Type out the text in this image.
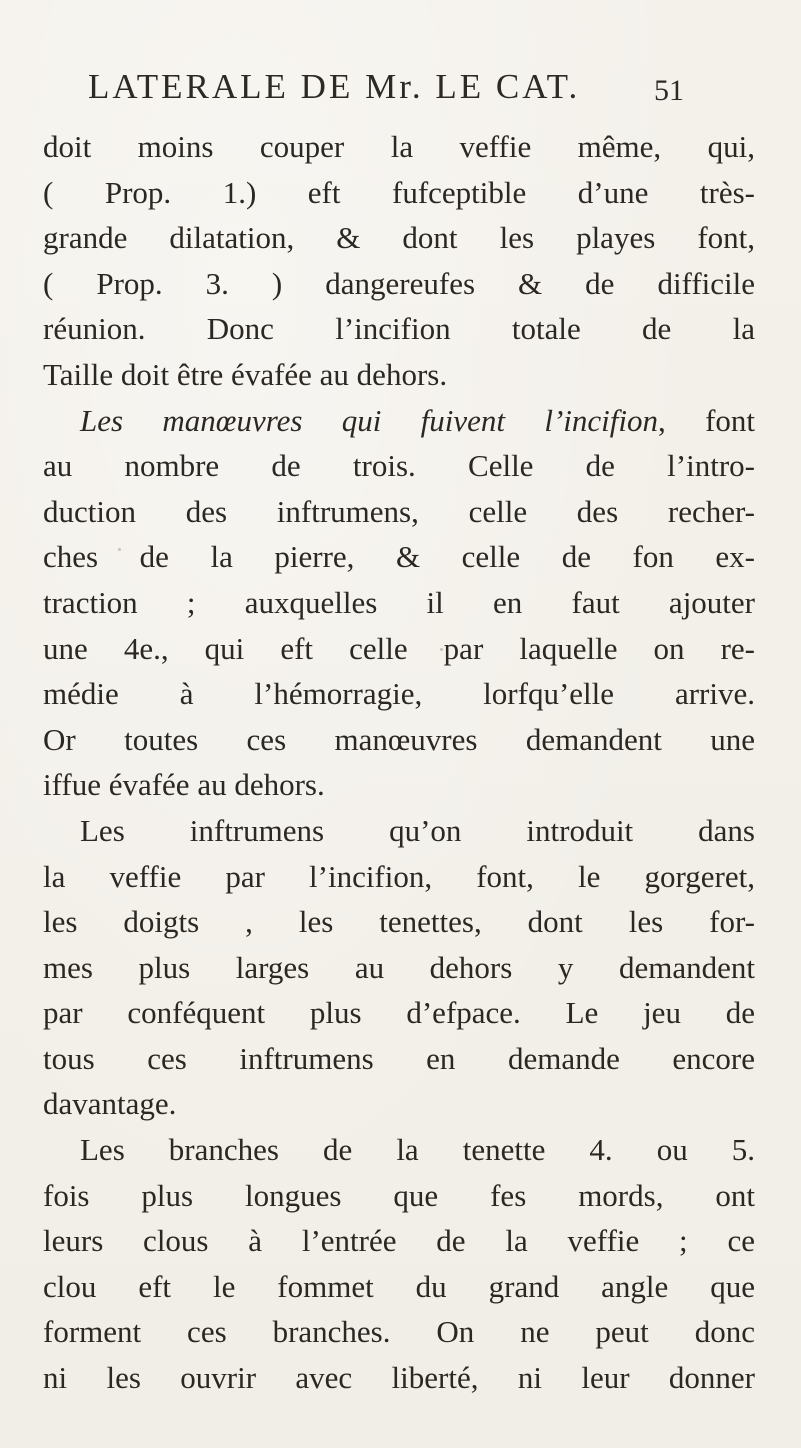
LATERALE DE Mr. LE CAT. 51
doit moins couper la veffie même, qui,
( Prop. 1.) eft fufceptible d’une très-
grande dilatation, & dont les playes font,
( Prop. 3. ) dangereufes & de difficile
réunion. Donc l’incifion totale de la
Taille doit être évafée au dehors.
Les manœuvres qui fuivent l’incifion, font
au nombre de trois. Celle de l’intro-
duction des inftrumens, celle des recher-
ches de la pierre, & celle de fon ex-
traction ; auxquelles il en faut ajouter
une 4e., qui eft celle par laquelle on re-
médie à l’hémorragie, lorfqu’elle arrive.
Or toutes ces manœuvres demandent une
iffue évafée au dehors.
Les inftrumens qu’on introduit dans
la veffie par l’incifion, font, le gorgeret,
les doigts , les tenettes, dont les for-
mes plus larges au dehors y demandent
par conféquent plus d’efpace. Le jeu de
tous ces inftrumens en demande encore
davantage.
Les branches de la tenette 4. ou 5.
fois plus longues que fes mords, ont
leurs clous à l’entrée de la veffie ; ce
clou eft le fommet du grand angle que
forment ces branches. On ne peut donc
ni les ouvrir avec liberté, ni leur donner
